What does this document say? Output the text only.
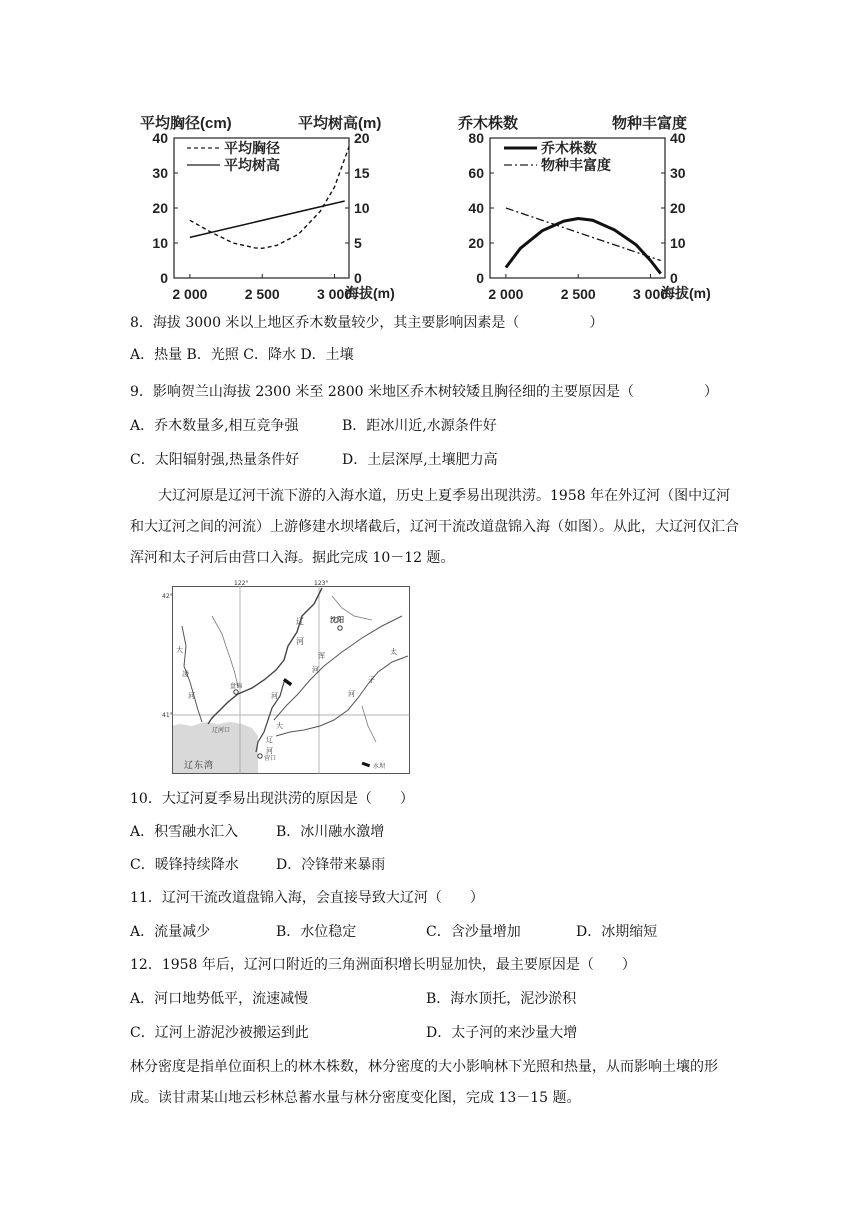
平均胸径(cm)	平均树高(m)
平均胸径
平均树高
0
10
20
30
40
0
5
10
15
20
2 000	2 500	3 000
海拔(m)
乔木株数	物种丰富度
乔木株数
物种丰富度
0
20
40
60
80
0
10
20
30
40
2 000	2 500	3 000
海拔(m)
8．海拔 3000 米以上地区乔木数量较少，其主要影响因素是（　　　　　）
A．热量 B．光照 C．降水 D．土壤
9．影响贺兰山海拔 2300 米至 2800 米地区乔木树较矮且胸径细的主要原因是（　　　　　）
A．乔木数量多,相互竞争强	B．距冰川近,水源条件好
C．太阳辐射强,热量条件好	D．土层深厚,土壤肥力高
大辽河原是辽河干流下游的入海水道，历史上夏季易出现洪涝。1958 年在外辽河（图中辽河和大辽河之间的河流）上游修建水坝堵截后，辽河干流改道盘锦入海（如图）。从此，大辽河仅汇合浑河和太子河后由营口入海。据此完成 10－12 题。
122°	123°
42°
41°
辽
河
沈阳
浑
河
太
子
河
大
辽
河
河
盘锦
辽河口
营口
大
凌
河
辽东湾	水坝
10．大辽河夏季易出现洪涝的原因是（　　）
A．积雪融水汇入	B．冰川融水激增
C．暖锋持续降水	D．冷锋带来暴雨
11．辽河干流改道盘锦入海，会直接导致大辽河（　　）
A．流量减少	B．水位稳定	C．含沙量增加	D．冰期缩短
12．1958 年后，辽河口附近的三角洲面积增长明显加快，最主要原因是（　　）
A．河口地势低平，流速减慢	B．海水顶托，泥沙淤积
C．辽河上游泥沙被搬运到此	D．太子河的来沙量大增
林分密度是指单位面积上的林木株数，林分密度的大小影响林下光照和热量，从而影响土壤的形成。读甘肃某山地云杉林总蓄水量与林分密度变化图，完成 13－15 题。
